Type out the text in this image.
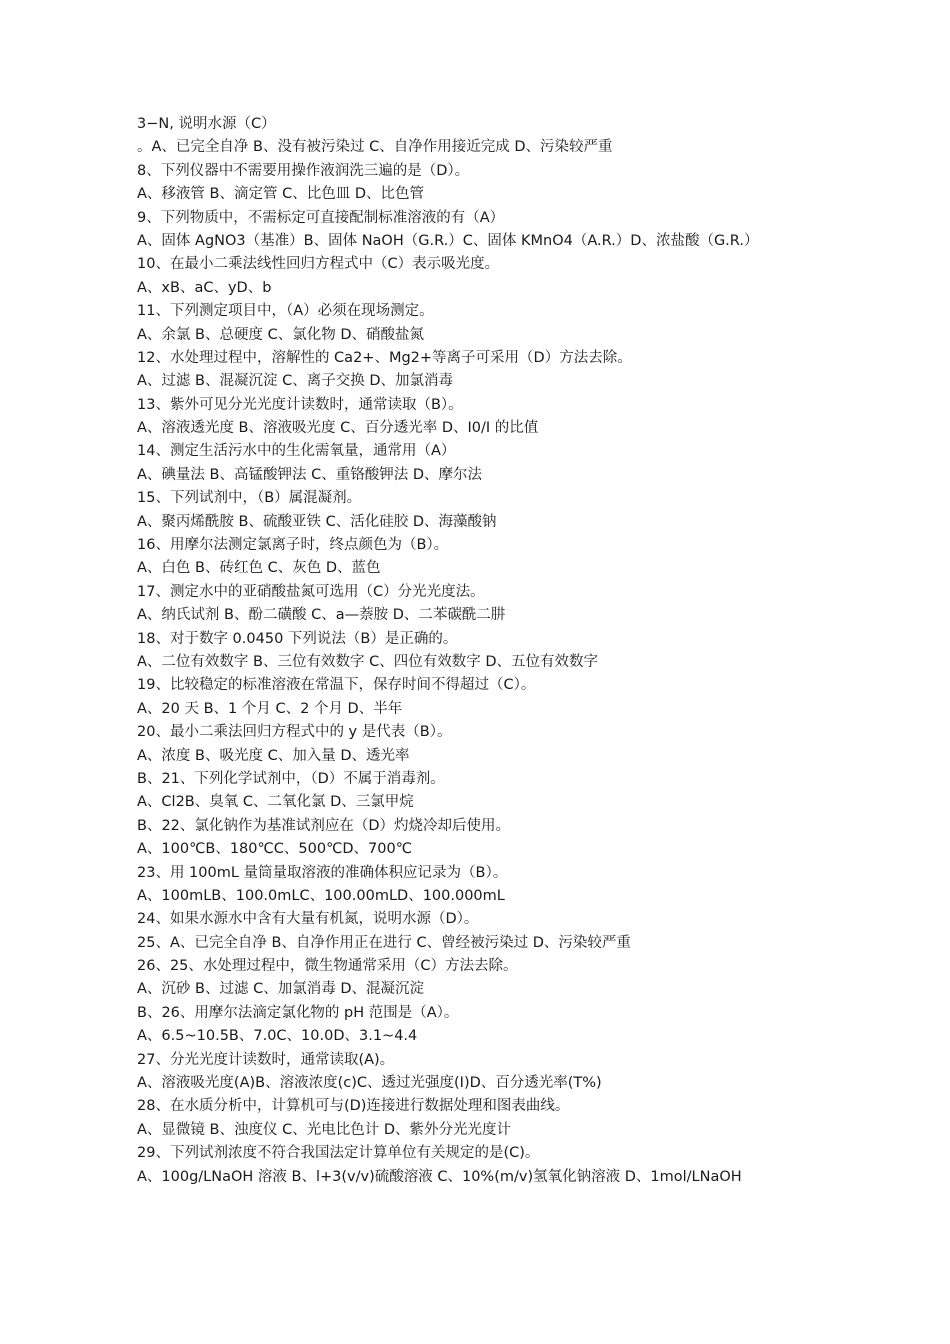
3−N, 说明水源（C）
。A、已完全自净 B、没有被污染过 C、自净作用接近完成 D、污染较严重
8、下列仪器中不需要用操作液润洗三遍的是（D）。
A、移液管 B、滴定管 C、比色皿 D、比色管
9、下列物质中，不需标定可直接配制标准溶液的有（A）
A、固体 AgNO3（基准）B、固体 NaOH（G.R.）C、固体 KMnO4（A.R.）D、浓盐酸（G.R.）
10、在最小二乘法线性回归方程式中（C）表示吸光度。
A、xB、aC、yD、b
11、下列测定项目中，（A）必须在现场测定。
A、余氯 B、总硬度 C、氯化物 D、硝酸盐氮
12、水处理过程中，溶解性的 Ca2+、Mg2+等离子可采用（D）方法去除。
A、过滤 B、混凝沉淀 C、离子交换 D、加氯消毒
13、紫外可见分光光度计读数时，通常读取（B）。
A、溶液透光度 B、溶液吸光度 C、百分透光率 D、I0/I 的比值
14、测定生活污水中的生化需氧量，通常用（A）
A、碘量法 B、高锰酸钾法 C、重铬酸钾法 D、摩尔法
15、下列试剂中，（B）属混凝剂。
A、聚丙烯酰胺 B、硫酸亚铁 C、活化硅胶 D、海藻酸钠
16、用摩尔法测定氯离子时，终点颜色为（B）。
A、白色 B、砖红色 C、灰色 D、蓝色
17、测定水中的亚硝酸盐氮可选用（C）分光光度法。
A、纳氏试剂 B、酚二磺酸 C、a—萘胺 D、二苯碳酰二肼
18、对于数字 0.0450 下列说法（B）是正确的。
A、二位有效数字 B、三位有效数字 C、四位有效数字 D、五位有效数字
19、比较稳定的标准溶液在常温下，保存时间不得超过（C）。
A、20 天 B、1 个月 C、2 个月 D、半年
20、最小二乘法回归方程式中的 y 是代表（B）。
A、浓度 B、吸光度 C、加入量 D、透光率
B、21、下列化学试剂中，（D）不属于消毒剂。
A、Cl2B、臭氧 C、二氧化氯 D、三氯甲烷
B、22、氯化钠作为基准试剂应在（D）灼烧冷却后使用。
A、100℃B、180℃C、500℃D、700℃
23、用 100mL 量筒量取溶液的准确体积应记录为（B）。
A、100mLB、100.0mLC、100.00mLD、100.000mL
24、如果水源水中含有大量有机氮，说明水源（D）。
25、A、已完全自净 B、自净作用正在进行 C、曾经被污染过 D、污染较严重
26、25、水处理过程中，微生物通常采用（C）方法去除。
A、沉砂 B、过滤 C、加氯消毒 D、混凝沉淀
B、26、用摩尔法滴定氯化物的 pH 范围是（A）。
A、6.5~10.5B、7.0C、10.0D、3.1~4.4
27、分光光度计读数时，通常读取(A)。
A、溶液吸光度(A)B、溶液浓度(c)C、透过光强度(I)D、百分透光率(T%)
28、在水质分析中，计算机可与(D)连接进行数据处理和图表曲线。
A、显微镜 B、浊度仪 C、光电比色计 D、紫外分光光度计
29、下列试剂浓度不符合我国法定计算单位有关规定的是(C)。
A、100g/LNaOH 溶液 B、l+3(v/v)硫酸溶液 C、10%(m/v)氢氧化钠溶液 D、1mol/LNaOH
